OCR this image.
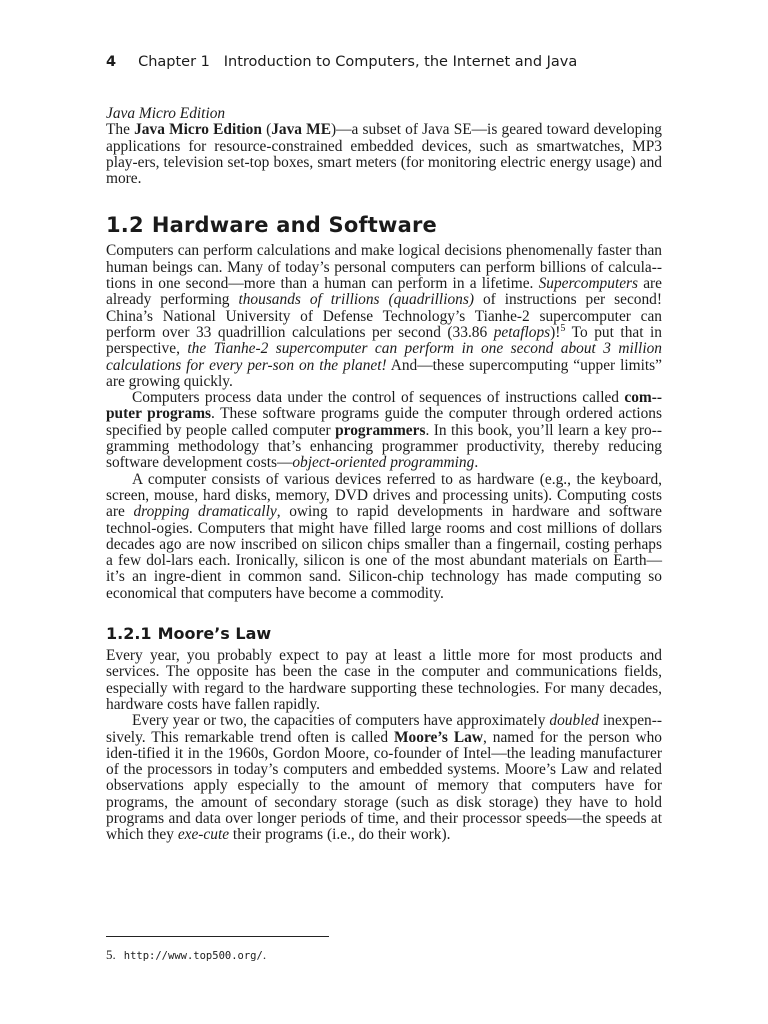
4 Chapter 1   Introduction to Computers, the Internet and Java

Java Micro Edition

The Java Micro Edition (Java ME)—a subset of Java SE—is geared toward developing applications for resource-constrained embedded devices, such as smartwatches, MP3 play-ers, television set-top boxes, smart meters (for monitoring electric energy usage) and more.

1.2 Hardware and Software

Computers can perform calculations and make logical decisions phenomenally faster than human beings can. Many of today’s personal computers can perform billions of calcula-tions in one second—more than a human can perform in a lifetime. Supercomputers are already performing thousands of trillions (quadrillions) of instructions per second! China’s National University of Defense Technology’s Tianhe-2 supercomputer can perform over 33 quadrillion calculations per second (33.86 petaflops)!$^5$ To put that in perspective, the Tianhe-2 supercomputer can perform in one second about 3 million calculations for every per-son on the planet! And—these supercomputing “upper limits” are growing quickly.

Computers process data under the control of sequences of instructions called com-puter programs. These software programs guide the computer through ordered actions specified by people called computer programmers. In this book, you’ll learn a key pro-gramming methodology that’s enhancing programmer productivity, thereby reducing software development costs—object-oriented programming.

A computer consists of various devices referred to as hardware (e.g., the keyboard, screen, mouse, hard disks, memory, DVD drives and processing units). Computing costs are dropping dramatically, owing to rapid developments in hardware and software technol-ogies. Computers that might have filled large rooms and cost millions of dollars decades ago are now inscribed on silicon chips smaller than a fingernail, costing perhaps a few dol-lars each. Ironically, silicon is one of the most abundant materials on Earth—it’s an ingre-dient in common sand. Silicon-chip technology has made computing so economical that computers have become a commodity.

1.2.1 Moore’s Law

Every year, you probably expect to pay at least a little more for most products and services. The opposite has been the case in the computer and communications fields, especially with regard to the hardware supporting these technologies. For many decades, hardware costs have fallen rapidly.

Every year or two, the capacities of computers have approximately doubled inexpen-sively. This remarkable trend often is called Moore’s Law, named for the person who iden-tified it in the 1960s, Gordon Moore, co-founder of Intel—the leading manufacturer of the processors in today’s computers and embedded systems. Moore’s Law and related observations apply especially to the amount of memory that computers have for programs, the amount of secondary storage (such as disk storage) they have to hold programs and data over longer periods of time, and their processor speeds—the speeds at which they exe-cute their programs (i.e., do their work).

5. http://www.top500.org/.
